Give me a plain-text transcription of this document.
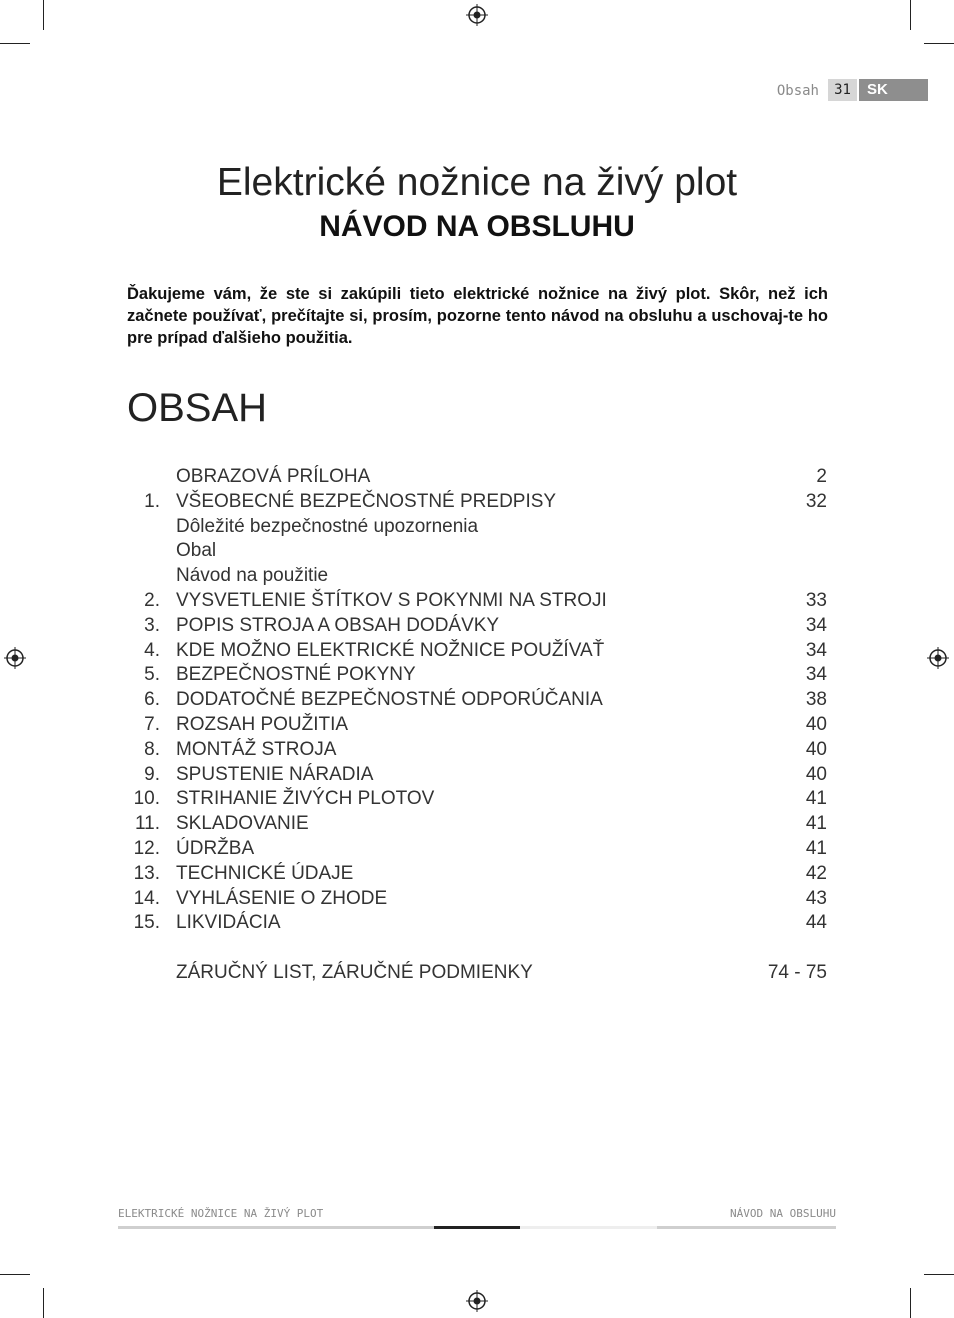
Obsah	31	SK
Elektrické nožnice na živý plot
NÁVOD NA OBSLUHU

Ďakujeme vám, že ste si zakúpili tieto elektrické nožnice na živý plot. Skôr, než ich začnete používať, prečítajte si, prosím, pozorne tento návod na obsluhu a uschovaj-te ho pre prípad ďalšieho použitia.

OBSAH
OBRAZOVÁ PRÍLOHA	2
1. VŠEOBECNÉ BEZPEČNOSTNÉ PREDPISY	32
Dôležité bezpečnostné upozornenia
Obal
Návod na použitie
2. VYSVETLENIE ŠTÍTKOV S POKYNMI NA STROJI	33
3. POPIS STROJA A OBSAH DODÁVKY	34
4. KDE MOŽNO ELEKTRICKÉ NOŽNICE POUŽÍVAŤ	34
5. BEZPEČNOSTNÉ POKYNY	34
6. DODATOČNÉ BEZPEČNOSTNÉ ODPORÚČANIA	38
7. ROZSAH POUŽITIA	40
8. MONTÁŽ STROJA	40
9. SPUSTENIE NÁRADIA	40
10. STRIHANIE ŽIVÝCH PLOTOV	41
11. SKLADOVANIE	41
12. ÚDRŽBA	41
13. TECHNICKÉ ÚDAJE	42
14. VYHLÁSENIE O ZHODE	43
15. LIKVIDÁCIA	44
ZÁRUČNÝ LIST, ZÁRUČNÉ PODMIENKY	74 - 75
ELEKTRICKÉ NOŽNICE NA ŽIVÝ PLOT	NÁVOD NA OBSLUHU
